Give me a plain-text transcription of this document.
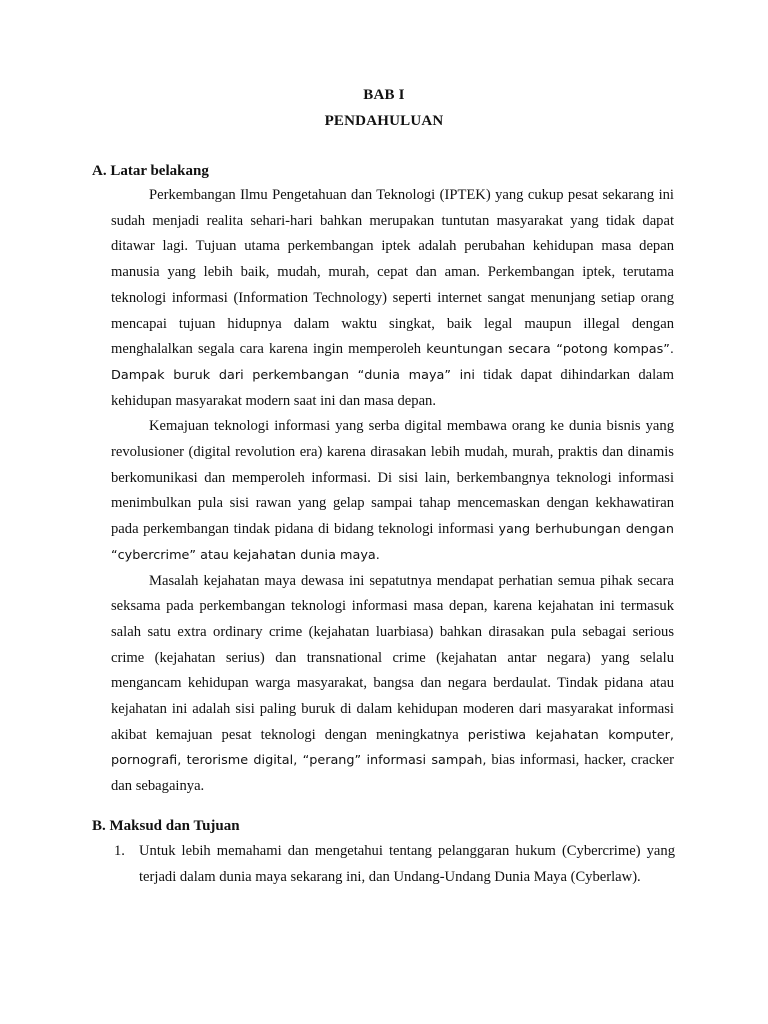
BAB I
PENDAHULUAN
A. Latar belakang

Perkembangan Ilmu Pengetahuan dan Teknologi (IPTEK) yang cukup pesat sekarang ini sudah menjadi realita sehari-hari bahkan merupakan tuntutan masyarakat yang tidak dapat ditawar lagi. Tujuan utama perkembangan iptek adalah perubahan kehidupan masa depan manusia yang lebih baik, mudah, murah, cepat dan aman. Perkembangan iptek, terutama teknologi informasi (Information Technology) seperti internet sangat menunjang setiap orang mencapai tujuan hidupnya dalam waktu singkat, baik legal maupun illegal dengan menghalalkan segala cara karena ingin memperoleh keuntungan secara “potong kompas”. Dampak buruk dari perkembangan “dunia maya” ini tidak dapat dihindarkan dalam kehidupan masyarakat modern saat ini dan masa depan.

Kemajuan teknologi informasi yang serba digital membawa orang ke dunia bisnis yang revolusioner (digital revolution era) karena dirasakan lebih mudah, murah, praktis dan dinamis berkomunikasi dan memperoleh informasi. Di sisi lain, berkembangnya teknologi informasi menimbulkan pula sisi rawan yang gelap sampai tahap mencemaskan dengan kekhawatiran pada perkembangan tindak pidana di bidang teknologi informasi yang berhubungan dengan “cybercrime” atau kejahatan dunia maya.

Masalah kejahatan maya dewasa ini sepatutnya mendapat perhatian semua pihak secara seksama pada perkembangan teknologi informasi masa depan, karena kejahatan ini termasuk salah satu extra ordinary crime (kejahatan luarbiasa) bahkan dirasakan pula sebagai serious crime (kejahatan serius) dan transnational crime (kejahatan antar negara) yang selalu mengancam kehidupan warga masyarakat, bangsa dan negara berdaulat. Tindak pidana atau kejahatan ini adalah sisi paling buruk di dalam kehidupan moderen dari masyarakat informasi akibat kemajuan pesat teknologi dengan meningkatnya peristiwa kejahatan komputer, pornografi, terorisme digital, “perang” informasi sampah, bias informasi, hacker, cracker dan sebagainya.

B. Maksud dan Tujuan
1. Untuk lebih memahami dan mengetahui tentang pelanggaran hukum (Cybercrime) yang terjadi dalam dunia maya sekarang ini, dan Undang-Undang Dunia Maya (Cyberlaw).
